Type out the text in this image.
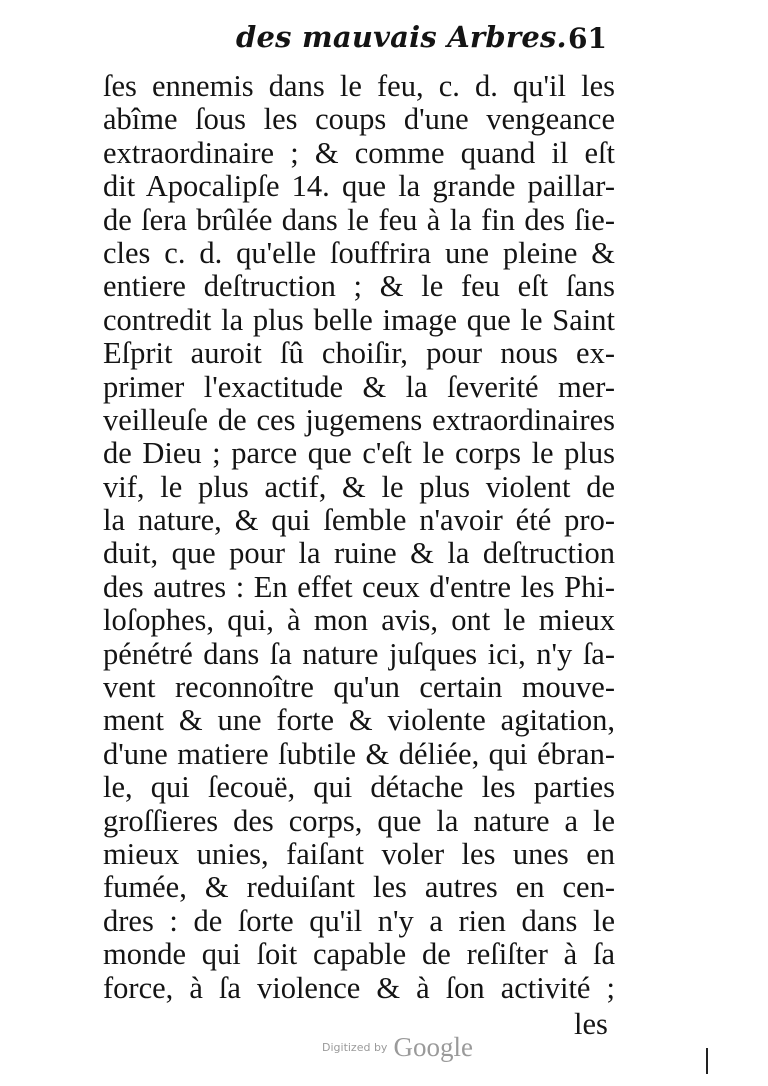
des mauvais Arbres. 61
ſes ennemis dans le feu, c. d. qu'il les
abîme ſous les coups d'une vengeance
extraordinaire ; & comme quand il eſt
dit Apocalipſe 14. que la grande paillar-
de ſera brûlée dans le feu à la fin des ſie-
cles c. d. qu'elle ſouffrira une pleine &
entiere deſtruction ; & le feu eſt ſans
contredit la plus belle image que le Saint
Eſprit auroit ſû choiſir, pour nous ex-
primer l'exactitude & la ſeverité mer-
veilleuſe de ces jugemens extraordinaires
de Dieu ; parce que c'eſt le corps le plus
vif, le plus actif, & le plus violent de
la nature, & qui ſemble n'avoir été pro-
duit, que pour la ruine & la deſtruction
des autres : En effet ceux d'entre les Phi-
loſophes, qui, à mon avis, ont le mieux
pénétré dans ſa nature juſques ici, n'y ſa-
vent reconnoître qu'un certain mouve-
ment & une forte & violente agitation,
d'une matiere ſubtile & déliée, qui ébran-
le, qui ſecouë, qui détache les parties
groſſieres des corps, que la nature a le
mieux unies, faiſant voler les unes en
fumée, & reduiſant les autres en cen-
dres : de ſorte qu'il n'y a rien dans le
monde qui ſoit capable de reſiſter à ſa
force, à ſa violence & à ſon activité ;
les
Digitized by Google
